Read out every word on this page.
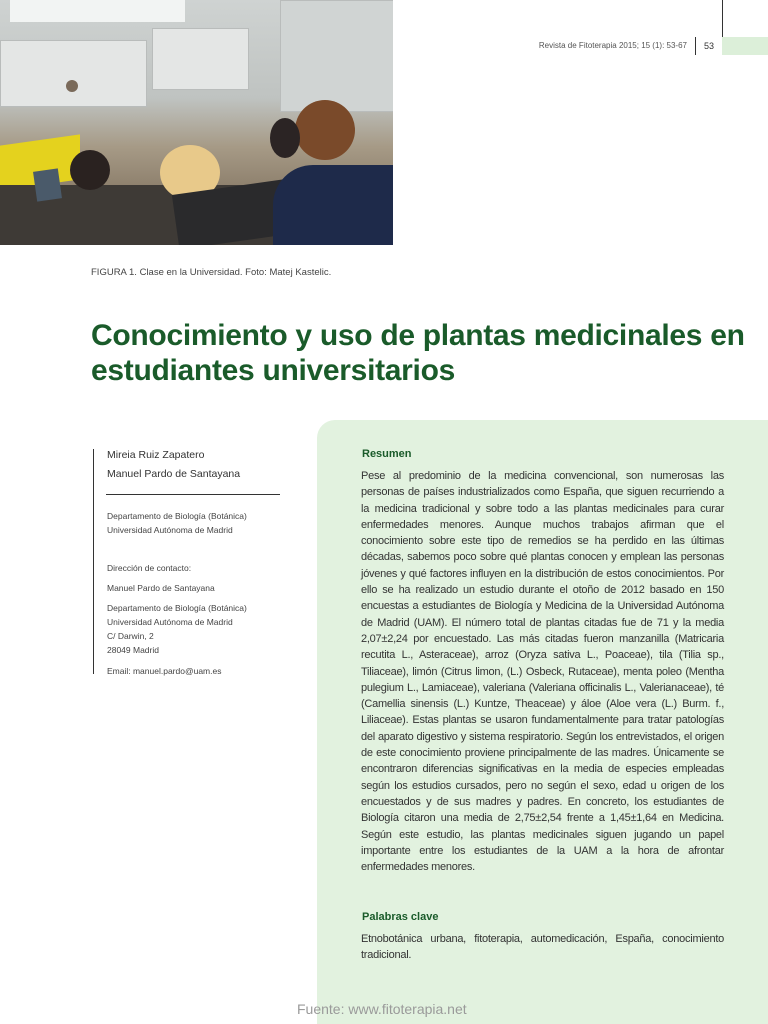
Revista de Fitoterapia 2015; 15 (1): 53-67	53
FIGURA 1. Clase en la Universidad. Foto: Matej Kastelic.
Conocimiento y uso de plantas medicinales en estudiantes universitarios
Mireia Ruiz Zapatero
Manuel Pardo de Santayana
Departamento de Biología (Botánica)
Universidad Autónoma de Madrid
Dirección de contacto:
Manuel Pardo de Santayana
Departamento de Biología (Botánica)
Universidad Autónoma de Madrid
C/ Darwin, 2
28049 Madrid
Email: manuel.pardo@uam.es
Resumen

Pese al predominio de la medicina convencional, son numerosas las personas de países industrializados como España, que siguen recurriendo a la medicina tradicional y sobre todo a las plantas medicinales para curar enfermedades menores. Aunque muchos trabajos afirman que el conocimiento sobre este tipo de remedios se ha perdido en las últimas décadas, sabemos poco sobre qué plantas conocen y emplean las personas jóvenes y qué factores influyen en la distribución de estos conocimientos. Por ello se ha realizado un estudio durante el otoño de 2012 basado en 150 encuestas a estudiantes de Biología y Medicina de la Universidad Autónoma de Madrid (UAM). El número total de plantas citadas fue de 71 y la media 2,07±2,24 por encuestado. Las más citadas fueron manzanilla (Matricaria recutita L., Asteraceae), arroz (Oryza sativa L., Poaceae), tila (Tilia sp., Tiliaceae), limón (Citrus limon, (L.) Osbeck, Rutaceae), menta poleo (Mentha pulegium L., Lamiaceae), valeriana (Valeriana officinalis L., Valerianaceae), té (Camellia sinensis (L.) Kuntze, Theaceae) y áloe (Aloe vera (L.) Burm. f., Liliaceae). Estas plantas se usaron fundamentalmente para tratar patologías del aparato digestivo y sistema respiratorio. Según los entrevistados, el origen de este conocimiento proviene principalmente de las madres. Únicamente se encontraron diferencias significativas en la media de especies empleadas según los estudios cursados, pero no según el sexo, edad u origen de los encuestados y de sus madres y padres. En concreto, los estudiantes de Biología citaron una media de 2,75±2,54 frente a 1,45±1,64 en Medicina. Según este estudio, las plantas medicinales siguen jugando un papel importante entre los estudiantes de la UAM a la hora de afrontar enfermedades menores.

Palabras clave

Etnobotánica urbana, fitoterapia, automedicación, España, conocimiento tradicional.

Fuente: www.fitoterapia.net
